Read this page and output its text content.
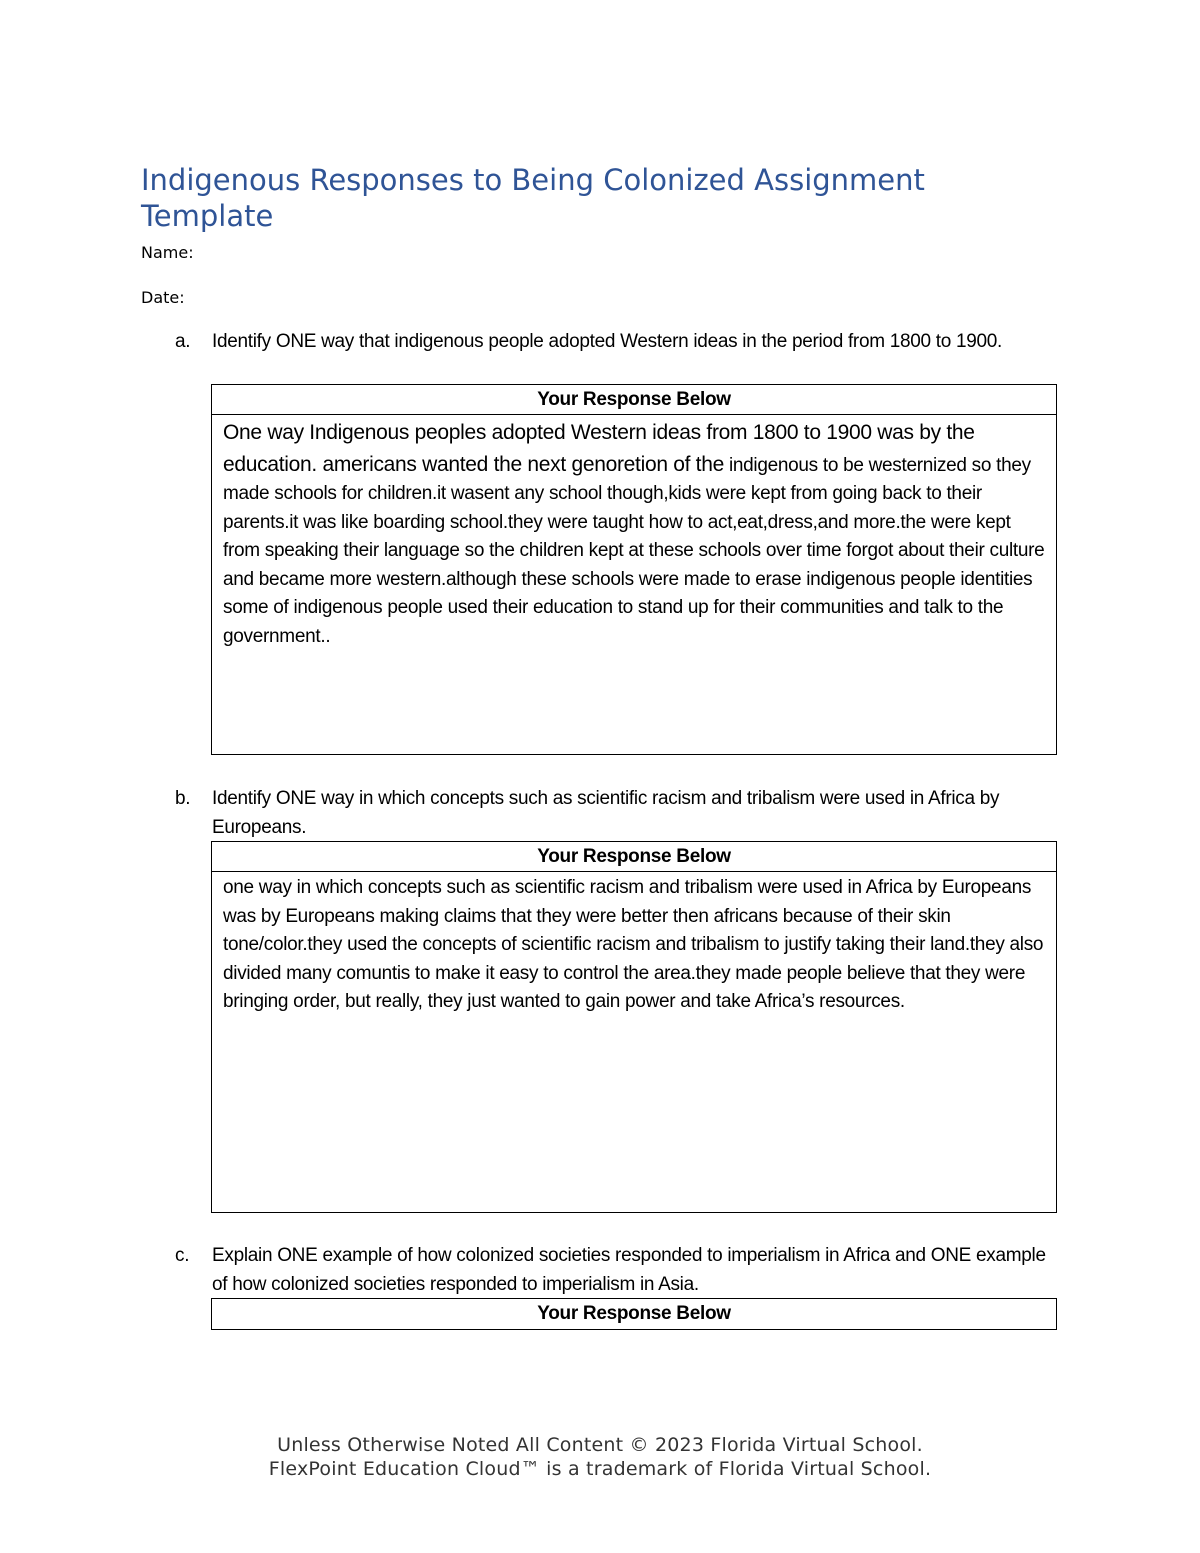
Indigenous Responses to Being Colonized Assignment Template
Name:
Date:
a.	Identify ONE way that indigenous people adopted Western ideas in the period from 1800 to 1900.
Your Response Below
One way Indigenous peoples adopted Western ideas from 1800 to 1900 was by the education. americans wanted the next genoretion of the indigenous to be westernized so they made schools for children.it wasent any school though,kids were kept from going back to their parents.it was like boarding school.they were taught how to act,eat,dress,and more.the were kept from speaking their language so the children kept at these schools over time forgot about their culture and became more western.although these schools were made to erase indigenous people identities some of indigenous people used their education to stand up for their communities and talk to the government..
b.	Identify ONE way in which concepts such as scientific racism and tribalism were used in Africa by Europeans.
Your Response Below
one way in which concepts such as scientific racism and tribalism were used in Africa by Europeans was by Europeans making claims that they were better then africans because of their skin tone/color.they used the concepts of scientific racism and tribalism to justify taking their land.they also divided many comuntis to make it easy to control the area.they made people believe that they were bringing order, but really, they just wanted to gain power and take Africa’s resources.
c.	Explain ONE example of how colonized societies responded to imperialism in Africa and ONE example of how colonized societies responded to imperialism in Asia.
Your Response Below
Unless Otherwise Noted All Content © 2023 Florida Virtual School.
FlexPoint Education Cloud™ is a trademark of Florida Virtual School.
